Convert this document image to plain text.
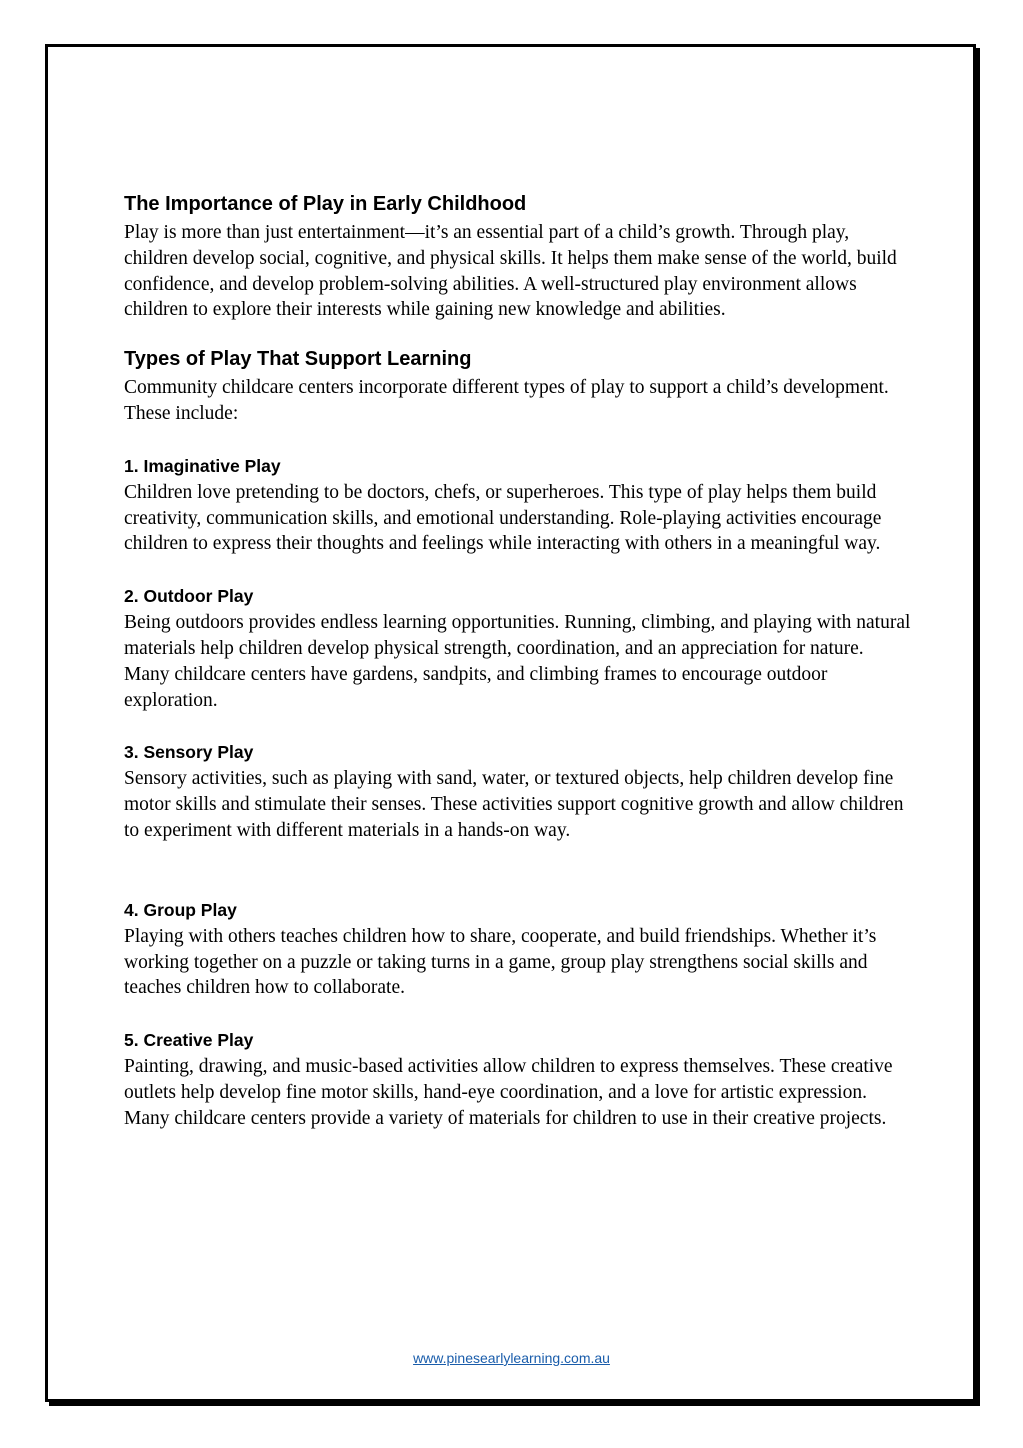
The Importance of Play in Early Childhood

Play is more than just entertainment—it’s an essential part of a child’s growth. Through play, children develop social, cognitive, and physical skills. It helps them make sense of the world, build confidence, and develop problem-solving abilities. A well-structured play environment allows children to explore their interests while gaining new knowledge and abilities.

Types of Play That Support Learning

Community childcare centers incorporate different types of play to support a child’s development. These include:

1. Imaginative Play

Children love pretending to be doctors, chefs, or superheroes. This type of play helps them build creativity, communication skills, and emotional understanding. Role-playing activities encourage children to express their thoughts and feelings while interacting with others in a meaningful way.

2. Outdoor Play

Being outdoors provides endless learning opportunities. Running, climbing, and playing with natural materials help children develop physical strength, coordination, and an appreciation for nature. Many childcare centers have gardens, sandpits, and climbing frames to encourage outdoor exploration.

3. Sensory Play

Sensory activities, such as playing with sand, water, or textured objects, help children develop fine motor skills and stimulate their senses. These activities support cognitive growth and allow children to experiment with different materials in a hands-on way.

4. Group Play

Playing with others teaches children how to share, cooperate, and build friendships. Whether it’s working together on a puzzle or taking turns in a game, group play strengthens social skills and teaches children how to collaborate.

5. Creative Play

Painting, drawing, and music-based activities allow children to express themselves. These creative outlets help develop fine motor skills, hand-eye coordination, and a love for artistic expression. Many childcare centers provide a variety of materials for children to use in their creative projects.

www.pinesearlylearning.com.au
